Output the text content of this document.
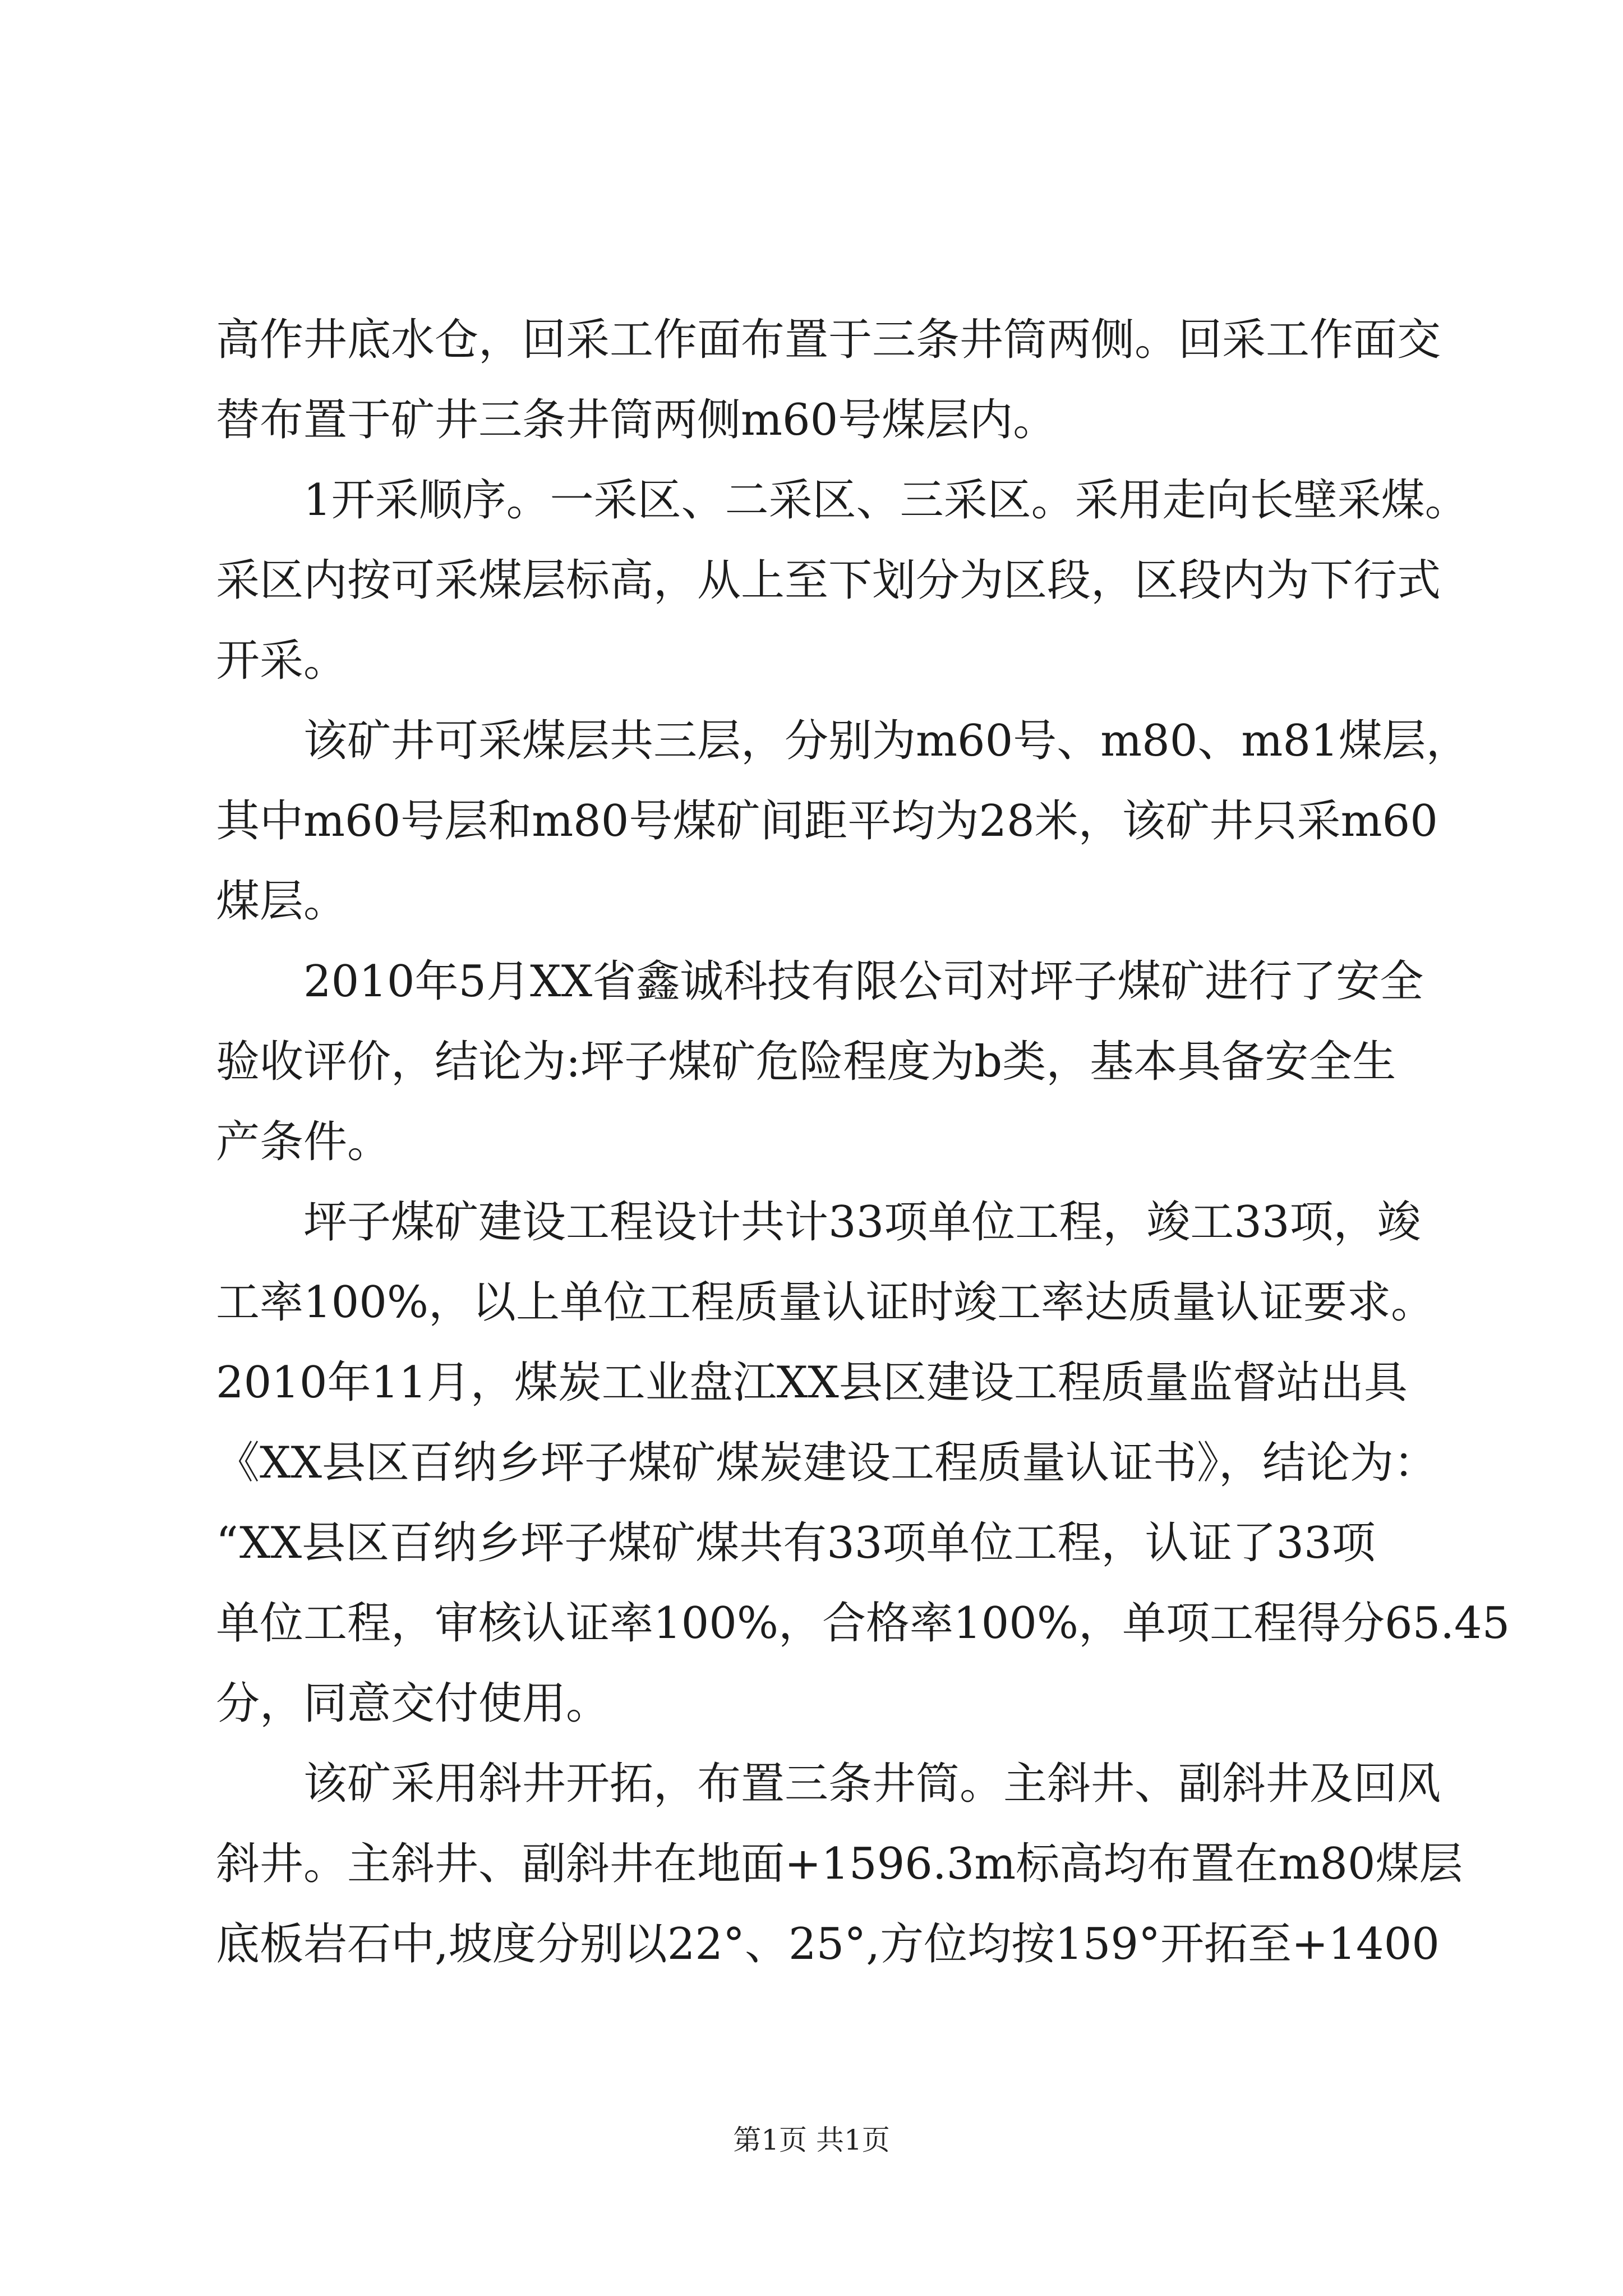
高作井底水仓，回采工作面布置于三条井筒两侧。回采工作面交
替布置于矿井三条井筒两侧m60号煤层内。
1开采顺序。一采区、二采区、三采区。采用走向长壁采煤。
采区内按可采煤层标高，从上至下划分为区段，区段内为下行式
开采。
该矿井可采煤层共三层，分别为m60号、m80、m81煤层，
其中m60号层和m80号煤矿间距平均为28米，该矿井只采m60
煤层。
2010年5月XX省鑫诚科技有限公司对坪子煤矿进行了安全
验收评价，结论为:坪子煤矿危险程度为b类，基本具备安全生
产条件。
坪子煤矿建设工程设计共计33项单位工程，竣工33项，竣
工率100%，以上单位工程质量认证时竣工率达质量认证要求。
2010年11月，煤炭工业盘江XX县区建设工程质量监督站出具
《XX县区百纳乡坪子煤矿煤炭建设工程质量认证书》，结论为：
“XX县区百纳乡坪子煤矿煤共有33项单位工程，认证了33项
单位工程，审核认证率100%，合格率100%，单项工程得分65.45
分，同意交付使用。
该矿采用斜井开拓，布置三条井筒。主斜井、副斜井及回风
斜井。主斜井、副斜井在地面+1596.3m标高均布置在m80煤层
底板岩石中,坡度分别以22°、25°,方位均按159°开拓至+1400
第1页 共1页
